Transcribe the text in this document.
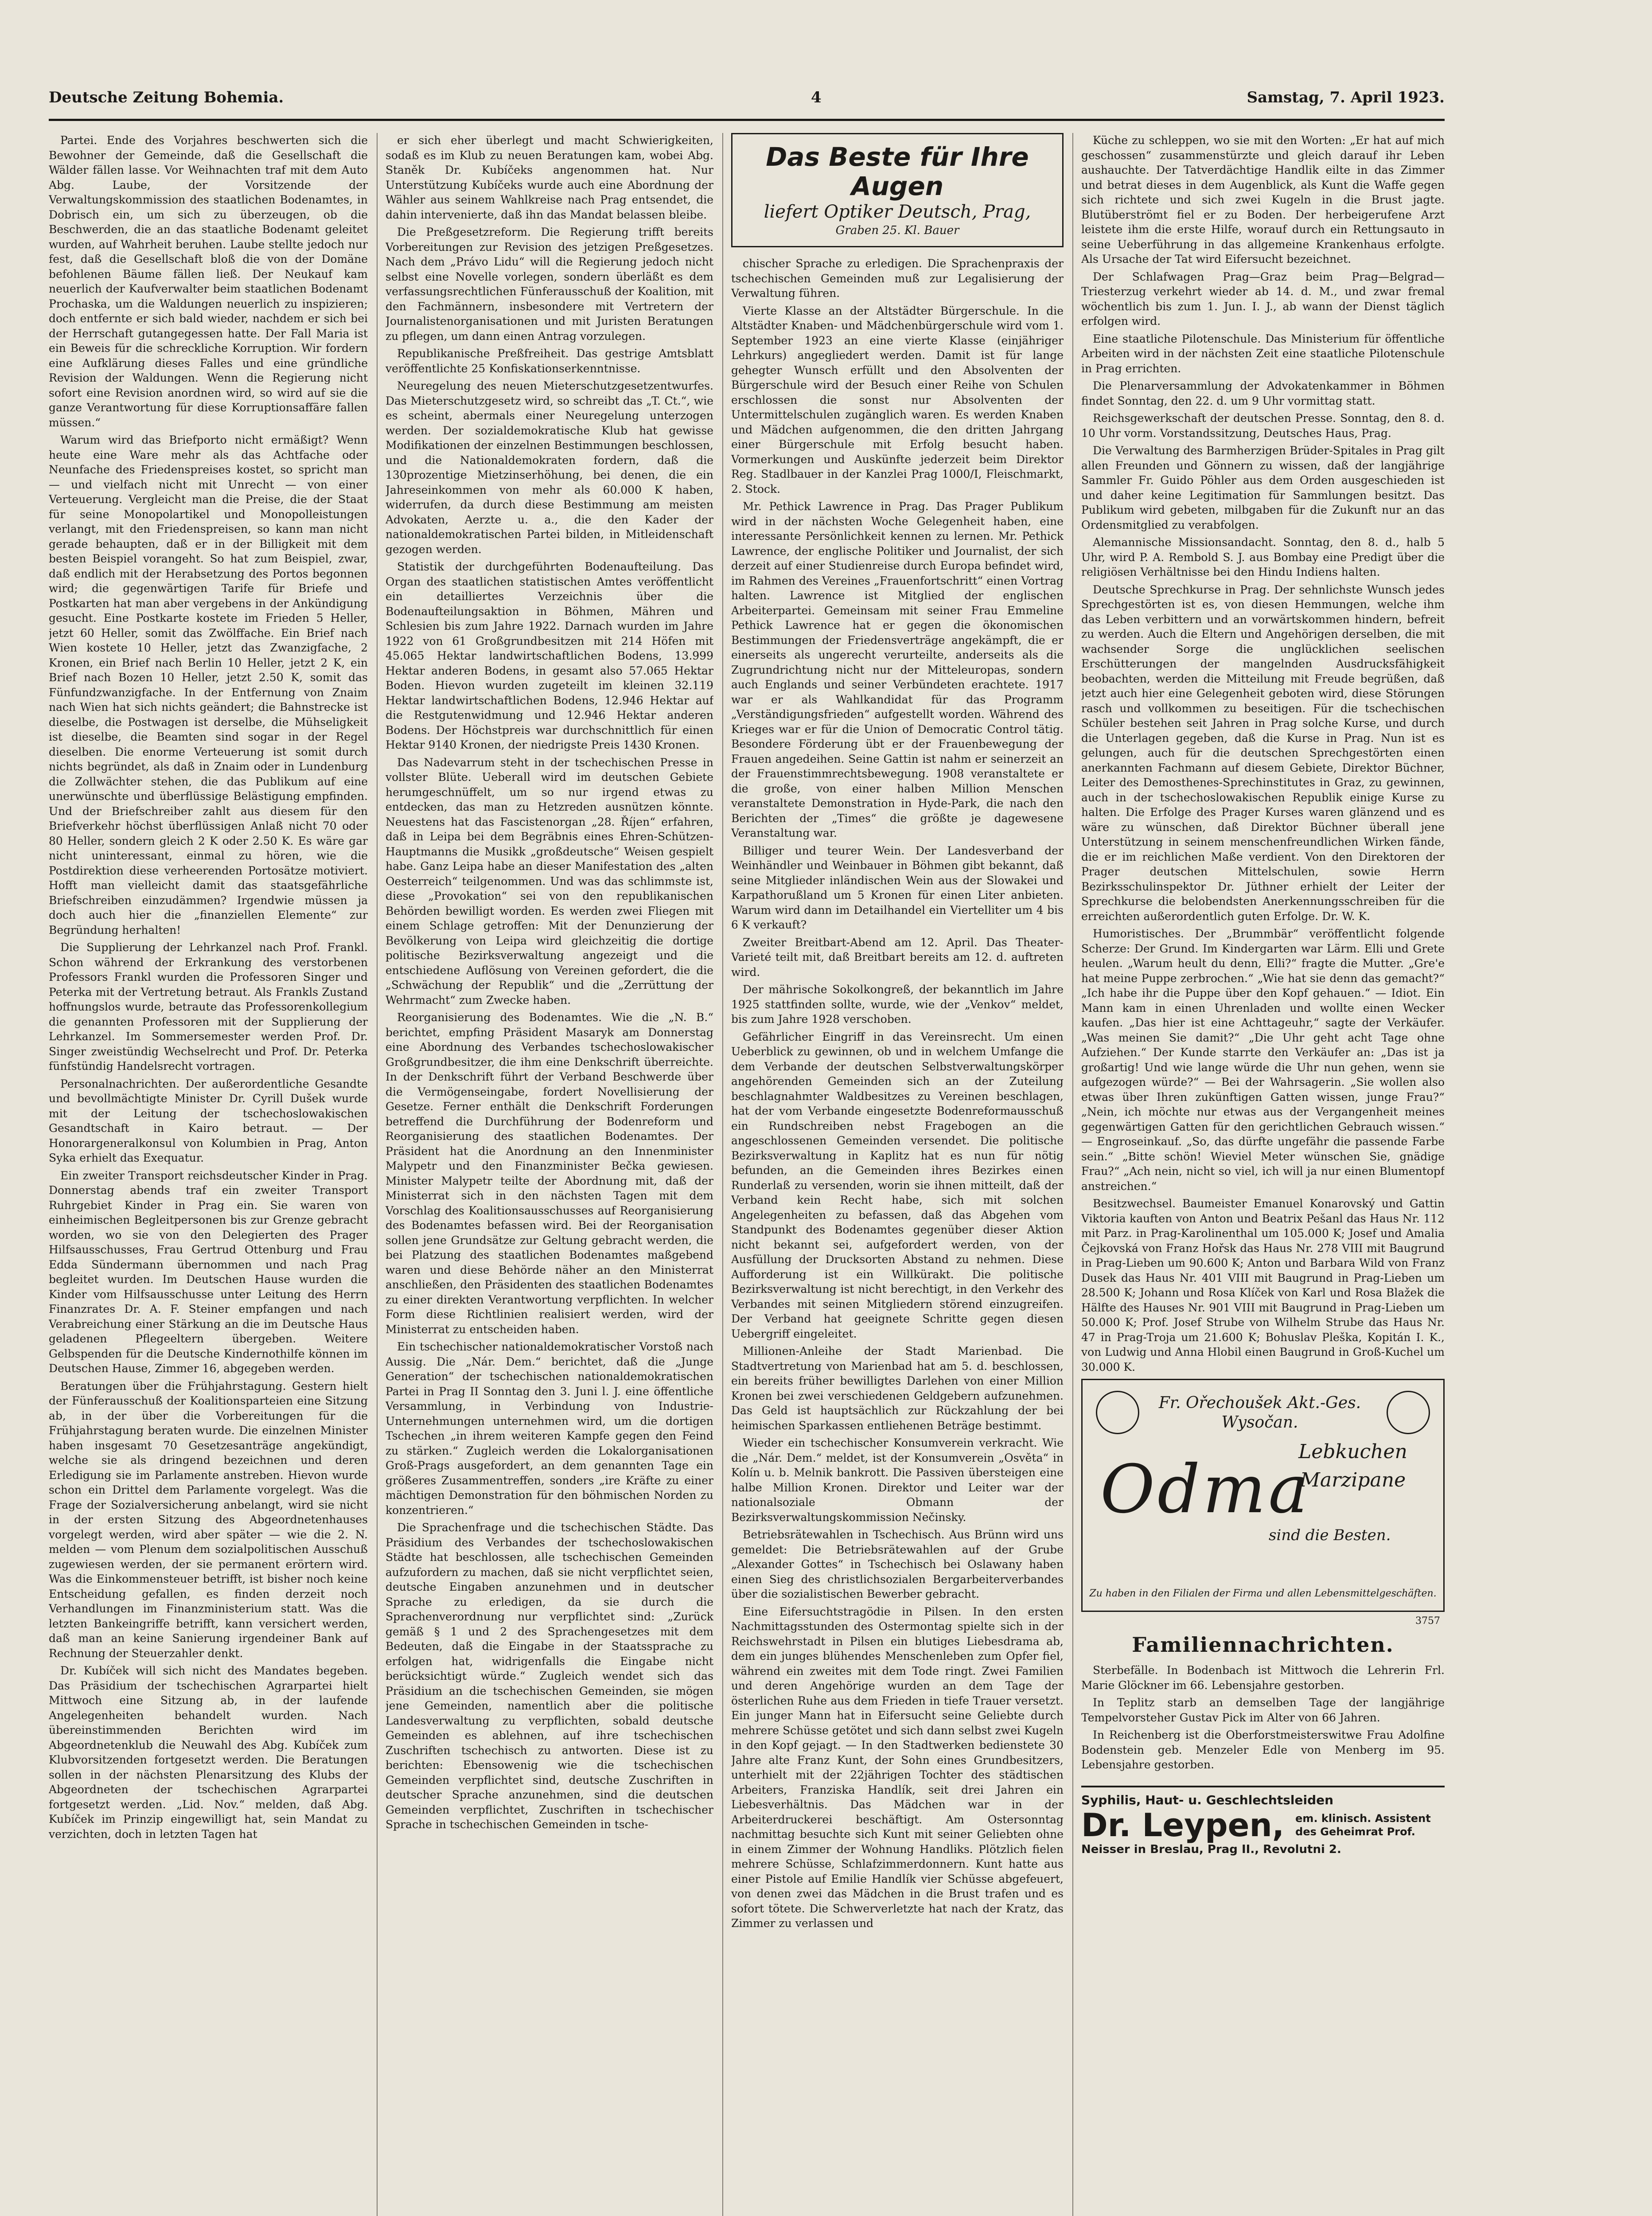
Deutsche Zeitung Bohemia.	4	Samstag, 7. April 1923.

Partei. Ende des Vorjahres beschwerten sich die Bewohner der Gemeinde, daß die Gesellschaft die Wälder fällen lasse. Vor Weihnachten traf mit dem Auto Abg. Laube, der Vorsitzende der Verwaltungskommission des staatlichen Bodenamtes, in Dobrisch ein, um sich zu überzeugen, ob die Beschwerden, die an das staatliche Bodenamt geleitet wurden, auf Wahrheit beruhen. Laube stellte jedoch nur fest, daß die Gesellschaft bloß die von der Domäne befohlenen Bäume fällen ließ. Der Neukauf kam neuerlich der Kaufverwalter beim staatlichen Bodenamt Prochaska, um die Waldungen neuerlich zu inspizieren; doch entfernte er sich bald wieder, nachdem er sich bei der Herrschaft gutangegessen hatte. Der Fall Maria ist ein Beweis für die schreckliche Korruption. Wir fordern eine Aufklärung dieses Falles und eine gründliche Revision der Waldungen. Wenn die Regierung nicht sofort eine Revision anordnen wird, so wird auf sie die ganze Verantwortung für diese Korruptionsaffäre fallen müssen.“

Warum wird das Briefporto nicht ermäßigt? Wenn heute eine Ware mehr als das Achtfache oder Neunfache des Friedenspreises kostet, so spricht man — und vielfach nicht mit Unrecht — von einer Verteuerung. Vergleicht man die Preise, die der Staat für seine Monopolartikel und Monopolleistungen verlangt, mit den Friedenspreisen, so kann man nicht gerade behaupten, daß er in der Billigkeit mit dem besten Beispiel vorangeht. So hat zum Beispiel, zwar, daß endlich mit der Herabsetzung des Portos begonnen wird; die gegenwärtigen Tarife für Briefe und Postkarten hat man aber vergebens in der Ankündigung gesucht. Eine Postkarte kostete im Frieden 5 Heller, jetzt 60 Heller, somit das Zwölffache. Ein Brief nach Wien kostete 10 Heller, jetzt das Zwanzigfache, 2 Kronen, ein Brief nach Berlin 10 Heller, jetzt 2 K, ein Brief nach Bozen 10 Heller, jetzt 2.50 K, somit das Fünfundzwanzigfache. In der Entfernung von Znaim nach Wien hat sich nichts geändert; die Bahnstrecke ist dieselbe, die Postwagen ist derselbe, die Mühseligkeit ist dieselbe, die Beamten sind sogar in der Regel dieselben. Die enorme Verteuerung ist somit durch nichts begründet, als daß in Znaim oder in Lundenburg die Zollwächter stehen, die das Publikum auf eine unerwünschte und überflüssige Belästigung empfinden. Und der Briefschreiber zahlt aus diesem für den Briefverkehr höchst überflüssigen Anlaß nicht 70 oder 80 Heller, sondern gleich 2 K oder 2.50 K. Es wäre gar nicht uninteressant, einmal zu hören, wie die Postdirektion diese verheerenden Portosätze motiviert. Hofft man vielleicht damit das staatsgefährliche Briefschreiben einzudämmen? Irgendwie müssen ja doch auch hier die „finanziellen Elemente“ zur Begründung herhalten!

Die Supplierung der Lehrkanzel nach Prof. Frankl. Schon während der Erkrankung des verstorbenen Professors Frankl wurden die Professoren Singer und Peterka mit der Vertretung betraut. Als Frankls Zustand hoffnungslos wurde, betraute das Professorenkollegium die genannten Professoren mit der Supplierung der Lehrkanzel. Im Sommersemester werden Prof. Dr. Singer zweistündig Wechselrecht und Prof. Dr. Peterka fünfstündig Handelsrecht vortragen.

Personalnachrichten. Der außerordentliche Gesandte und bevollmächtigte Minister Dr. Cyrill Dušek wurde mit der Leitung der tschechoslowakischen Gesandtschaft in Kairo betraut. — Der Honorargeneralkonsul von Kolumbien in Prag, Anton Syka erhielt das Exequatur.

Ein zweiter Transport reichsdeutscher Kinder in Prag. Donnerstag abends traf ein zweiter Transport Ruhrgebiet Kinder in Prag ein. Sie waren von einheimischen Begleitpersonen bis zur Grenze gebracht worden, wo sie von den Delegierten des Prager Hilfsausschusses, Frau Gertrud Ottenburg und Frau Edda Sündermann übernommen und nach Prag begleitet wurden. Im Deutschen Hause wurden die Kinder vom Hilfsausschusse unter Leitung des Herrn Finanzrates Dr. A. F. Steiner empfangen und nach Verabreichung einer Stärkung an die im Deutsche Haus geladenen Pflegeeltern übergeben. Weitere Gelbspenden für die Deutsche Kindernothilfe können im Deutschen Hause, Zimmer 16, abgegeben werden.

Beratungen über die Frühjahrstagung. Gestern hielt der Fünferausschuß der Koalitionsparteien eine Sitzung ab, in der über die Vorbereitungen für die Frühjahrstagung beraten wurde. Die einzelnen Minister haben insgesamt 70 Gesetzesanträge angekündigt, welche sie als dringend bezeichnen und deren Erledigung sie im Parlamente anstreben. Hievon wurde schon ein Drittel dem Parlamente vorgelegt. Was die Frage der Sozialversicherung anbelangt, wird sie nicht in der ersten Sitzung des Abgeordnetenhauses vorgelegt werden, wird aber später — wie die 2. N. melden — vom Plenum dem sozialpolitischen Ausschuß zugewiesen werden, der sie permanent erörtern wird. Was die Einkommensteuer betrifft, ist bisher noch keine Entscheidung gefallen, es finden derzeit noch Verhandlungen im Finanzministerium statt. Was die letzten Bankeingriffe betrifft, kann versichert werden, daß man an keine Sanierung irgendeiner Bank auf Rechnung der Steuerzahler denkt.

Dr. Kubíček will sich nicht des Mandates begeben. Das Präsidium der tschechischen Agrarpartei hielt Mittwoch eine Sitzung ab, in der laufende Angelegenheiten behandelt wurden. Nach übereinstimmenden Berichten wird im Abgeordnetenklub die Neuwahl des Abg. Kubíček zum Klubvorsitzenden fortgesetzt werden. Die Beratungen sollen in der nächsten Plenarsitzung des Klubs der Abgeordneten der tschechischen Agrarpartei fortgesetzt werden. „Lid. Nov.“ melden, daß Abg. Kubíček im Prinzip eingewilligt hat, sein Mandat zu verzichten, doch in letzten Tagen hat

er sich eher überlegt und macht Schwierigkeiten, sodaß es im Klub zu neuen Beratungen kam, wobei Abg. Staněk Dr. Kubíčeks angenommen hat. Nur Unterstützung Kubíčeks wurde auch eine Abordnung der Wähler aus seinem Wahlkreise nach Prag entsendet, die dahin intervenierte, daß ihn das Mandat belassen bleibe.

Die Preßgesetzreform. Die Regierung trifft bereits Vorbereitungen zur Revision des jetzigen Preßgesetzes. Nach dem „Právo Lidu“ will die Regierung jedoch nicht selbst eine Novelle vorlegen, sondern überläßt es dem verfassungsrechtlichen Fünferausschuß der Koalition, mit den Fachmännern, insbesondere mit Vertretern der Journalistenorganisationen und mit Juristen Beratungen zu pflegen, um dann einen Antrag vorzulegen.

Republikanische Preßfreiheit. Das gestrige Amtsblatt veröffentlichte 25 Konfiskationserkenntnisse.

Neuregelung des neuen Mieterschutzgesetzentwurfes. Das Mieterschutzgesetz wird, so schreibt das „T. Ct.“, wie es scheint, abermals einer Neuregelung unterzogen werden. Der sozialdemokratische Klub hat gewisse Modifikationen der einzelnen Bestimmungen beschlossen, und die Nationaldemokraten fordern, daß die 130prozentige Mietzinserhöhung, bei denen, die ein Jahreseinkommen von mehr als 60.000 K haben, widerrufen, da durch diese Bestimmung am meisten Advokaten, Aerzte u. a., die den Kader der nationaldemokratischen Partei bilden, in Mitleidenschaft gezogen werden.

Statistik der durchgeführten Bodenaufteilung. Das Organ des staatlichen statistischen Amtes veröffentlicht ein detailliertes Verzeichnis über die Bodenaufteilungsaktion in Böhmen, Mähren und Schlesien bis zum Jahre 1922. Darnach wurden im Jahre 1922 von 61 Großgrundbesitzen mit 214 Höfen mit 45.065 Hektar landwirtschaftlichen Bodens, 13.999 Hektar anderen Bodens, in gesamt also 57.065 Hektar Boden. Hievon wurden zugeteilt im kleinen 32.119 Hektar landwirtschaftlichen Bodens, 12.946 Hektar auf die Restgutenwidmung und 12.946 Hektar anderen Bodens. Der Höchstpreis war durchschnittlich für einen Hektar 9140 Kronen, der niedrigste Preis 1430 Kronen.

Das Nadevarrum steht in der tschechischen Presse in vollster Blüte. Ueberall wird im deutschen Gebiete herumgeschnüffelt, um so nur irgend etwas zu entdecken, das man zu Hetzreden ausnützen könnte. Neuestens hat das Fascistenorgan „28. Říjen“ erfahren, daß in Leipa bei dem Begräbnis eines Ehren-Schützen-Hauptmanns die Musikk „großdeutsche“ Weisen gespielt habe. Ganz Leipa habe an dieser Manifestation des „alten Oesterreich“ teilgenommen. Und was das schlimmste ist, diese „Provokation“ sei von den republikanischen Behörden bewilligt worden. Es werden zwei Fliegen mit einem Schlage getroffen: Mit der Denunzierung der Bevölkerung von Leipa wird gleichzeitig die dortige politische Bezirksverwaltung angezeigt und die entschiedene Auflösung von Vereinen gefordert, die die „Schwächung der Republik“ und die „Zerrüttung der Wehrmacht“ zum Zwecke haben.

Reorganisierung des Bodenamtes. Wie die „N. B.“ berichtet, empfing Präsident Masaryk am Donnerstag eine Abordnung des Verbandes tschechoslowakischer Großgrundbesitzer, die ihm eine Denkschrift überreichte. In der Denkschrift führt der Verband Beschwerde über die Vermögenseingabe, fordert Novellisierung der Gesetze. Ferner enthält die Denkschrift Forderungen betreffend die Durchführung der Bodenreform und Reorganisierung des staatlichen Bodenamtes. Der Präsident hat die Anordnung an den Innenminister Malypetr und den Finanzminister Bečka gewiesen. Minister Malypetr teilte der Abordnung mit, daß der Ministerrat sich in den nächsten Tagen mit dem Vorschlag des Koalitionsausschusses auf Reorganisierung des Bodenamtes befassen wird. Bei der Reorganisation sollen jene Grundsätze zur Geltung gebracht werden, die bei Platzung des staatlichen Bodenamtes maßgebend waren und diese Behörde näher an den Ministerrat anschließen, den Präsidenten des staatlichen Bodenamtes zu einer direkten Verantwortung verpflichten. In welcher Form diese Richtlinien realisiert werden, wird der Ministerrat zu entscheiden haben.

Ein tschechischer nationaldemokratischer Vorstoß nach Aussig. Die „Nár. Dem.“ berichtet, daß die „Junge Generation“ der tschechischen nationaldemokratischen Partei in Prag II Sonntag den 3. Juni l. J. eine öffentliche Versammlung, in Verbindung von Industrie-Unternehmungen unternehmen wird, um die dortigen Tschechen „in ihrem weiteren Kampfe gegen den Feind zu stärken.“ Zugleich werden die Lokalorganisationen Groß-Prags ausgefordert, an dem genannten Tage ein größeres Zusammentreffen, sonders „ire Kräfte zu einer mächtigen Demonstration für den böhmischen Norden zu konzentrieren.“

Die Sprachenfrage und die tschechischen Städte. Das Präsidium des Verbandes der tschechoslowakischen Städte hat beschlossen, alle tschechischen Gemeinden aufzufordern zu machen, daß sie nicht verpflichtet seien, deutsche Eingaben anzunehmen und in deutscher Sprache zu erledigen, da sie durch die Sprachenverordnung nur verpflichtet sind: „Zurück gemäß § 1 und 2 des Sprachengesetzes mit dem Bedeuten, daß die Eingabe in der Staatssprache zu erfolgen hat, widrigenfalls die Eingabe nicht berücksichtigt würde.“ Zugleich wendet sich das Präsidium an die tschechischen Gemeinden, sie mögen jene Gemeinden, namentlich aber die politische Landesverwaltung zu verpflichten, sobald deutsche Gemeinden es ablehnen, auf ihre tschechischen Zuschriften tschechisch zu antworten. Diese ist zu berichten: Ebensowenig wie die tschechischen Gemeinden verpflichtet sind, deutsche Zuschriften in deutscher Sprache anzunehmen, sind die deutschen Gemeinden verpflichtet, Zuschriften in tschechischer Sprache in tschechischen Gemeinden in tsche-

Das Beste für Ihre Augen
liefert Optiker Deutsch, Prag,
Graben 25. Kl. Bauer

chischer Sprache zu erledigen. Die Sprachenpraxis der tschechischen Gemeinden muß zur Legalisierung der Verwaltung führen.

Vierte Klasse an der Altstädter Bürgerschule. In die Altstädter Knaben- und Mädchenbürgerschule wird vom 1. September 1923 an eine vierte Klasse (einjähriger Lehrkurs) angegliedert werden. Damit ist für lange gehegter Wunsch erfüllt und den Absolventen der Bürgerschule wird der Besuch einer Reihe von Schulen erschlossen die sonst nur Absolventen der Untermittelschulen zugänglich waren. Es werden Knaben und Mädchen aufgenommen, die den dritten Jahrgang einer Bürgerschule mit Erfolg besucht haben. Vormerkungen und Auskünfte jederzeit beim Direktor Reg. Stadlbauer in der Kanzlei Prag 1000/I, Fleischmarkt, 2. Stock.

Mr. Pethick Lawrence in Prag. Das Prager Publikum wird in der nächsten Woche Gelegenheit haben, eine interessante Persönlichkeit kennen zu lernen. Mr. Pethick Lawrence, der englische Politiker und Journalist, der sich derzeit auf einer Studienreise durch Europa befindet wird, im Rahmen des Vereines „Frauenfortschritt“ einen Vortrag halten. Lawrence ist Mitglied der englischen Arbeiterpartei. Gemeinsam mit seiner Frau Emmeline Pethick Lawrence hat er gegen die ökonomischen Bestimmungen der Friedensverträge angekämpft, die er einerseits als ungerecht verurteilte, anderseits als die Zugrundrichtung nicht nur der Mitteleuropas, sondern auch Englands und seiner Verbündeten erachtete. 1917 war er als Wahlkandidat für das Programm „Verständigungsfrieden“ aufgestellt worden. Während des Krieges war er für die Union of Democratic Control tätig. Besondere Förderung übt er der Frauenbewegung der Frauen angedeihen. Seine Gattin ist nahm er seinerzeit an der Frauenstimmrechtsbewegung. 1908 veranstaltete er die große, von einer halben Million Menschen veranstaltete Demonstration in Hyde-Park, die nach den Berichten der „Times“ die größte je dagewesene Veranstaltung war.

Billiger und teurer Wein. Der Landesverband der Weinhändler und Weinbauer in Böhmen gibt bekannt, daß seine Mitglieder inländischen Wein aus der Slowakei und Karpathorußland um 5 Kronen für einen Liter anbieten. Warum wird dann im Detailhandel ein Viertelliter um 4 bis 6 K verkauft?

Zweiter Breitbart-Abend am 12. April. Das Theater-Varieté teilt mit, daß Breitbart bereits am 12. d. auftreten wird.

Der mährische Sokolkongreß, der bekanntlich im Jahre 1925 stattfinden sollte, wurde, wie der „Venkov“ meldet, bis zum Jahre 1928 verschoben.

Gefährlicher Eingriff in das Vereinsrecht. Um einen Ueberblick zu gewinnen, ob und in welchem Umfange die dem Verbande der deutschen Selbstverwaltungskörper angehörenden Gemeinden sich an der Zuteilung beschlagnahmter Waldbesitzes zu Vereinen beschlagen, hat der vom Verbande eingesetzte Bodenreformausschuß ein Rundschreiben nebst Fragebogen an die angeschlossenen Gemeinden versendet. Die politische Bezirksverwaltung in Kaplitz hat es nun für nötig befunden, an die Gemeinden ihres Bezirkes einen Runderlaß zu versenden, worin sie ihnen mitteilt, daß der Verband kein Recht habe, sich mit solchen Angelegenheiten zu befassen, daß das Abgehen vom Standpunkt des Bodenamtes gegenüber dieser Aktion nicht bekannt sei, aufgefordert werden, von der Ausfüllung der Drucksorten Abstand zu nehmen. Diese Aufforderung ist ein Willkürakt. Die politische Bezirksverwaltung ist nicht berechtigt, in den Verkehr des Verbandes mit seinen Mitgliedern störend einzugreifen. Der Verband hat geeignete Schritte gegen diesen Uebergriff eingeleitet.

Millionen-Anleihe der Stadt Marienbad. Die Stadtvertretung von Marienbad hat am 5. d. beschlossen, ein bereits früher bewilligtes Darlehen von einer Million Kronen bei zwei verschiedenen Geldgebern aufzunehmen. Das Geld ist hauptsächlich zur Rückzahlung der bei heimischen Sparkassen entliehenen Beträge bestimmt.

Wieder ein tschechischer Konsumverein verkracht. Wie die „Nár. Dem.“ meldet, ist der Konsumverein „Osvěta“ in Kolín u. b. Melnik bankrott. Die Passiven übersteigen eine halbe Million Kronen. Direktor und Leiter war der nationalsoziale Obmann der Bezirksverwaltungskommission Nečinsky.

Betriebsrätewahlen in Tschechisch. Aus Brünn wird uns gemeldet: Die Betriebsrätewahlen auf der Grube „Alexander Gottes“ in Tschechisch bei Oslawany haben einen Sieg des christlichsozialen Bergarbeiterverbandes über die sozialistischen Bewerber gebracht.

Eine Eifersuchtstragödie in Pilsen. In den ersten Nachmittagsstunden des Ostermontag spielte sich in der Reichswehrstadt in Pilsen ein blutiges Liebesdrama ab, dem ein junges blühendes Menschenleben zum Opfer fiel, während ein zweites mit dem Tode ringt. Zwei Familien und deren Angehörige wurden an dem Tage der österlichen Ruhe aus dem Frieden in tiefe Trauer versetzt. Ein junger Mann hat in Eifersucht seine Geliebte durch mehrere Schüsse getötet und sich dann selbst zwei Kugeln in den Kopf gejagt. — In den Stadtwerken bedienstete 30 Jahre alte Franz Kunt, der Sohn eines Grundbesitzers, unterhielt mit der 22jährigen Tochter des städtischen Arbeiters, Franziska Handlík, seit drei Jahren ein Liebesverhältnis. Das Mädchen war in der Arbeiterdruckerei beschäftigt. Am Ostersonntag nachmittag besuchte sich Kunt mit seiner Geliebten ohne in einem Zimmer der Wohnung Handliks. Plötzlich fielen mehrere Schüsse, Schlafzimmerdonnern. Kunt hatte aus einer Pistole auf Emilie Handlík vier Schüsse abgefeuert, von denen zwei das Mädchen in die Brust trafen und es sofort tötete. Die Schwerverletzte hat nach der Kratz, das Zimmer zu verlassen und

Küche zu schleppen, wo sie mit den Worten: „Er hat auf mich geschossen“ zusammenstürzte und gleich darauf ihr Leben aushauchte. Der Tatverdächtige Handlik eilte in das Zimmer und betrat dieses in dem Augenblick, als Kunt die Waffe gegen sich richtete und sich zwei Kugeln in die Brust jagte. Blutüberströmt fiel er zu Boden. Der herbeigerufene Arzt leistete ihm die erste Hilfe, worauf durch ein Rettungsauto in seine Ueberführung in das allgemeine Krankenhaus erfolgte. Als Ursache der Tat wird Eifersucht bezeichnet.

Der Schlafwagen Prag—Graz beim Prag—Belgrad—Triesterzug verkehrt wieder ab 14. d. M., und zwar fremal wöchentlich bis zum 1. Jun. I. J., ab wann der Dienst täglich erfolgen wird.

Eine staatliche Pilotenschule. Das Ministerium für öffentliche Arbeiten wird in der nächsten Zeit eine staatliche Pilotenschule in Prag errichten.

Die Plenarversammlung der Advokatenkammer in Böhmen findet Sonntag, den 22. d. um 9 Uhr vormittag statt.

Reichsgewerkschaft der deutschen Presse. Sonntag, den 8. d. 10 Uhr vorm. Vorstandssitzung, Deutsches Haus, Prag.

Die Verwaltung des Barmherzigen Brüder-Spitales in Prag gilt allen Freunden und Gönnern zu wissen, daß der langjährige Sammler Fr. Guido Pöhler aus dem Orden ausgeschieden ist und daher keine Legitimation für Sammlungen besitzt. Das Publikum wird gebeten, milbgaben für die Zukunft nur an das Ordensmitglied zu verabfolgen.

Alemannische Missionsandacht. Sonntag, den 8. d., halb 5 Uhr, wird P. A. Rembold S. J. aus Bombay eine Predigt über die religiösen Verhältnisse bei den Hindu Indiens halten.

Deutsche Sprechkurse in Prag. Der sehnlichste Wunsch jedes Sprechgestörten ist es, von diesen Hemmungen, welche ihm das Leben verbittern und an vorwärtskommen hindern, befreit zu werden. Auch die Eltern und Angehörigen derselben, die mit wachsender Sorge die unglücklichen seelischen Erschütterungen der mangelnden Ausdrucksfähigkeit beobachten, werden die Mitteilung mit Freude begrüßen, daß jetzt auch hier eine Gelegenheit geboten wird, diese Störungen rasch und vollkommen zu beseitigen. Für die tschechischen Schüler bestehen seit Jahren in Prag solche Kurse, und durch die Unterlagen gegeben, daß die Kurse in Prag. Nun ist es gelungen, auch für die deutschen Sprechgestörten einen anerkannten Fachmann auf diesem Gebiete, Direktor Büchner, Leiter des Demosthenes-Sprechinstitutes in Graz, zu gewinnen, auch in der tschechoslowakischen Republik einige Kurse zu halten. Die Erfolge des Prager Kurses waren glänzend und es wäre zu wünschen, daß Direktor Büchner überall jene Unterstützung in seinem menschenfreundlichen Wirken fände, die er im reichlichen Maße verdient. Von den Direktoren der Prager deutschen Mittelschulen, sowie Herrn Bezirksschulinspektor Dr. Jüthner erhielt der Leiter der Sprechkurse die belobendsten Anerkennungsschreiben für die erreichten außerordentlich guten Erfolge. Dr. W. K.

Humoristisches. Der „Brummbär“ veröffentlicht folgende Scherze: Der Grund. Im Kindergarten war Lärm. Elli und Grete heulen. „Warum heult du denn, Elli?“ fragte die Mutter. „Gre'e hat meine Puppe zerbrochen.“ „Wie hat sie denn das gemacht?“ „Ich habe ihr die Puppe über den Kopf gehauen.“ — Idiot. Ein Mann kam in einen Uhrenladen und wollte einen Wecker kaufen. „Das hier ist eine Achttageuhr,“ sagte der Verkäufer. „Was meinen Sie damit?“ „Die Uhr geht acht Tage ohne Aufziehen.“ Der Kunde starrte den Verkäufer an: „Das ist ja großartig! Und wie lange würde die Uhr nun gehen, wenn sie aufgezogen würde?“ — Bei der Wahrsagerin. „Sie wollen also etwas über Ihren zukünftigen Gatten wissen, junge Frau?“ „Nein, ich möchte nur etwas aus der Vergangenheit meines gegenwärtigen Gatten für den gerichtlichen Gebrauch wissen.“ — Engroseinkauf. „So, das dürfte ungefähr die passende Farbe sein.“ „Bitte schön! Wieviel Meter wünschen Sie, gnädige Frau?“ „Ach nein, nicht so viel, ich will ja nur einen Blumentopf anstreichen.“

Besitzwechsel. Baumeister Emanuel Konarovský und Gattin Viktoria kauften von Anton und Beatrix Pešanl das Haus Nr. 112 mit Parz. in Prag-Karolinenthal um 105.000 K; Josef und Amalia Čejkovská von Franz Hořsk das Haus Nr. 278 VIII mit Baugrund in Prag-Lieben um 90.600 K; Anton und Barbara Wild von Franz Dusek das Haus Nr. 401 VIII mit Baugrund in Prag-Lieben um 28.500 K; Johann und Rosa Klíček von Karl und Rosa Blažek die Hälfte des Hauses Nr. 901 VIII mit Baugrund in Prag-Lieben um 50.000 K; Prof. Josef Strube von Wilhelm Strube das Haus Nr. 47 in Prag-Troja um 21.600 K; Bohuslav Pleška, Kopitán I. K., von Ludwig und Anna Hlobil einen Baugrund in Groß-Kuchel um 30.000 K.

Fr. Ořechoušek Akt.-Ges. Wysočan.
Odma
Lebkuchen
Marzipane
sind die Besten.
Zu haben in den Filialen der Firma und allen Lebensmittelgeschäften.
3757
Familiennachrichten.

Sterbefälle. In Bodenbach ist Mittwoch die Lehrerin Frl. Marie Glöckner im 66. Lebensjahre gestorben.

In Teplitz starb an demselben Tage der langjährige Tempelvorsteher Gustav Pick im Alter von 66 Jahren.

In Reichenberg ist die Oberforstmeisterswitwe Frau Adolfine Bodenstein geb. Menzeler Edle von Menberg im 95. Lebensjahre gestorben.

Syphilis, Haut- u. Geschlechtsleiden
Dr. Leypen, em. klinisch. Assistent
des Geheimrat Prof.
Neisser in Breslau, Prag II., Revolutni 2.
